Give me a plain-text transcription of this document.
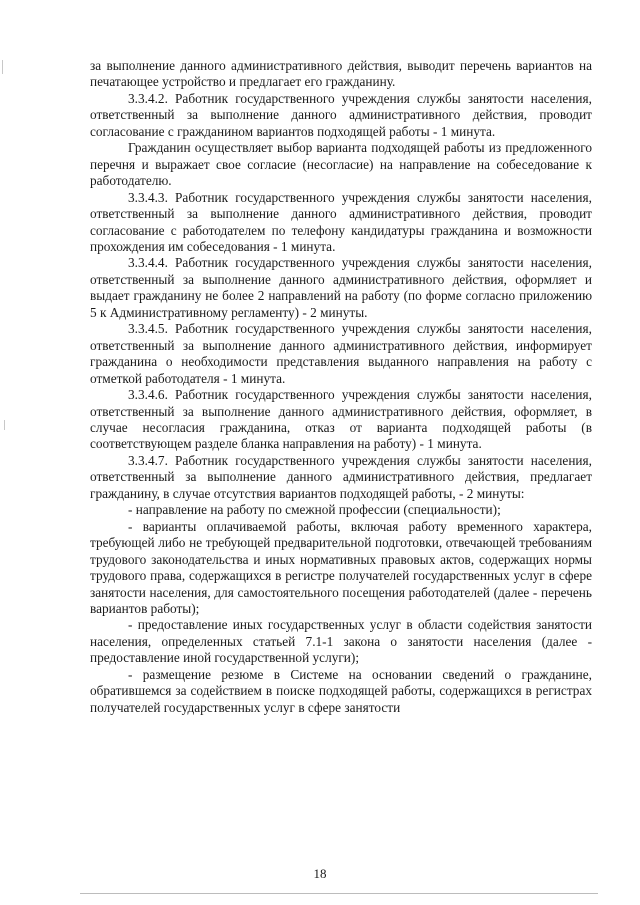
за выполнение данного административного действия, выводит перечень вариантов на печатающее устройство и предлагает его гражданину.

3.3.4.2. Работник государственного учреждения службы занятости населения, ответственный за выполнение данного административного действия, проводит согласование с гражданином вариантов подходящей работы - 1 минута.

Гражданин осуществляет выбор варианта подходящей работы из предложенного перечня и выражает свое согласие (несогласие) на направление на собеседование к работодателю.

3.3.4.3. Работник государственного учреждения службы занятости населения, ответственный за выполнение данного административного действия, проводит согласование с работодателем по телефону кандидатуры гражданина и возможности прохождения им собеседования - 1 минута.

3.3.4.4. Работник государственного учреждения службы занятости населения, ответственный за выполнение данного административного действия, оформляет и выдает гражданину не более 2 направлений на работу (по форме согласно приложению 5 к Административному регламенту) - 2 минуты.

3.3.4.5. Работник государственного учреждения службы занятости населения, ответственный за выполнение данного административного действия, информирует гражданина о необходимости представления выданного направления на работу с отметкой работодателя - 1 минута.

3.3.4.6. Работник государственного учреждения службы занятости населения, ответственный за выполнение данного административного действия, оформляет, в случае несогласия гражданина, отказ от варианта подходящей работы (в соответствующем разделе бланка направления на работу) - 1 минута.

3.3.4.7. Работник государственного учреждения службы занятости населения, ответственный за выполнение данного административного действия, предлагает гражданину, в случае отсутствия вариантов подходящей работы, - 2 минуты:

- направление на работу по смежной профессии (специальности);

- варианты оплачиваемой работы, включая работу временного характера, требующей либо не требующей предварительной подготовки, отвечающей требованиям трудового законодательства и иных нормативных правовых актов, содержащих нормы трудового права, содержащихся в регистре получателей государственных услуг в сфере занятости населения, для самостоятельного посещения работодателей (далее - перечень вариантов работы);

- предоставление иных государственных услуг в области содействия занятости населения, определенных статьей 7.1-1 закона о занятости населения (далее - предоставление иной государственной услуги);

- размещение резюме в Системе на основании сведений о гражданине, обратившемся за содействием в поиске подходящей работы, содержащихся в регистрах получателей государственных услуг в сфере занятости

18
